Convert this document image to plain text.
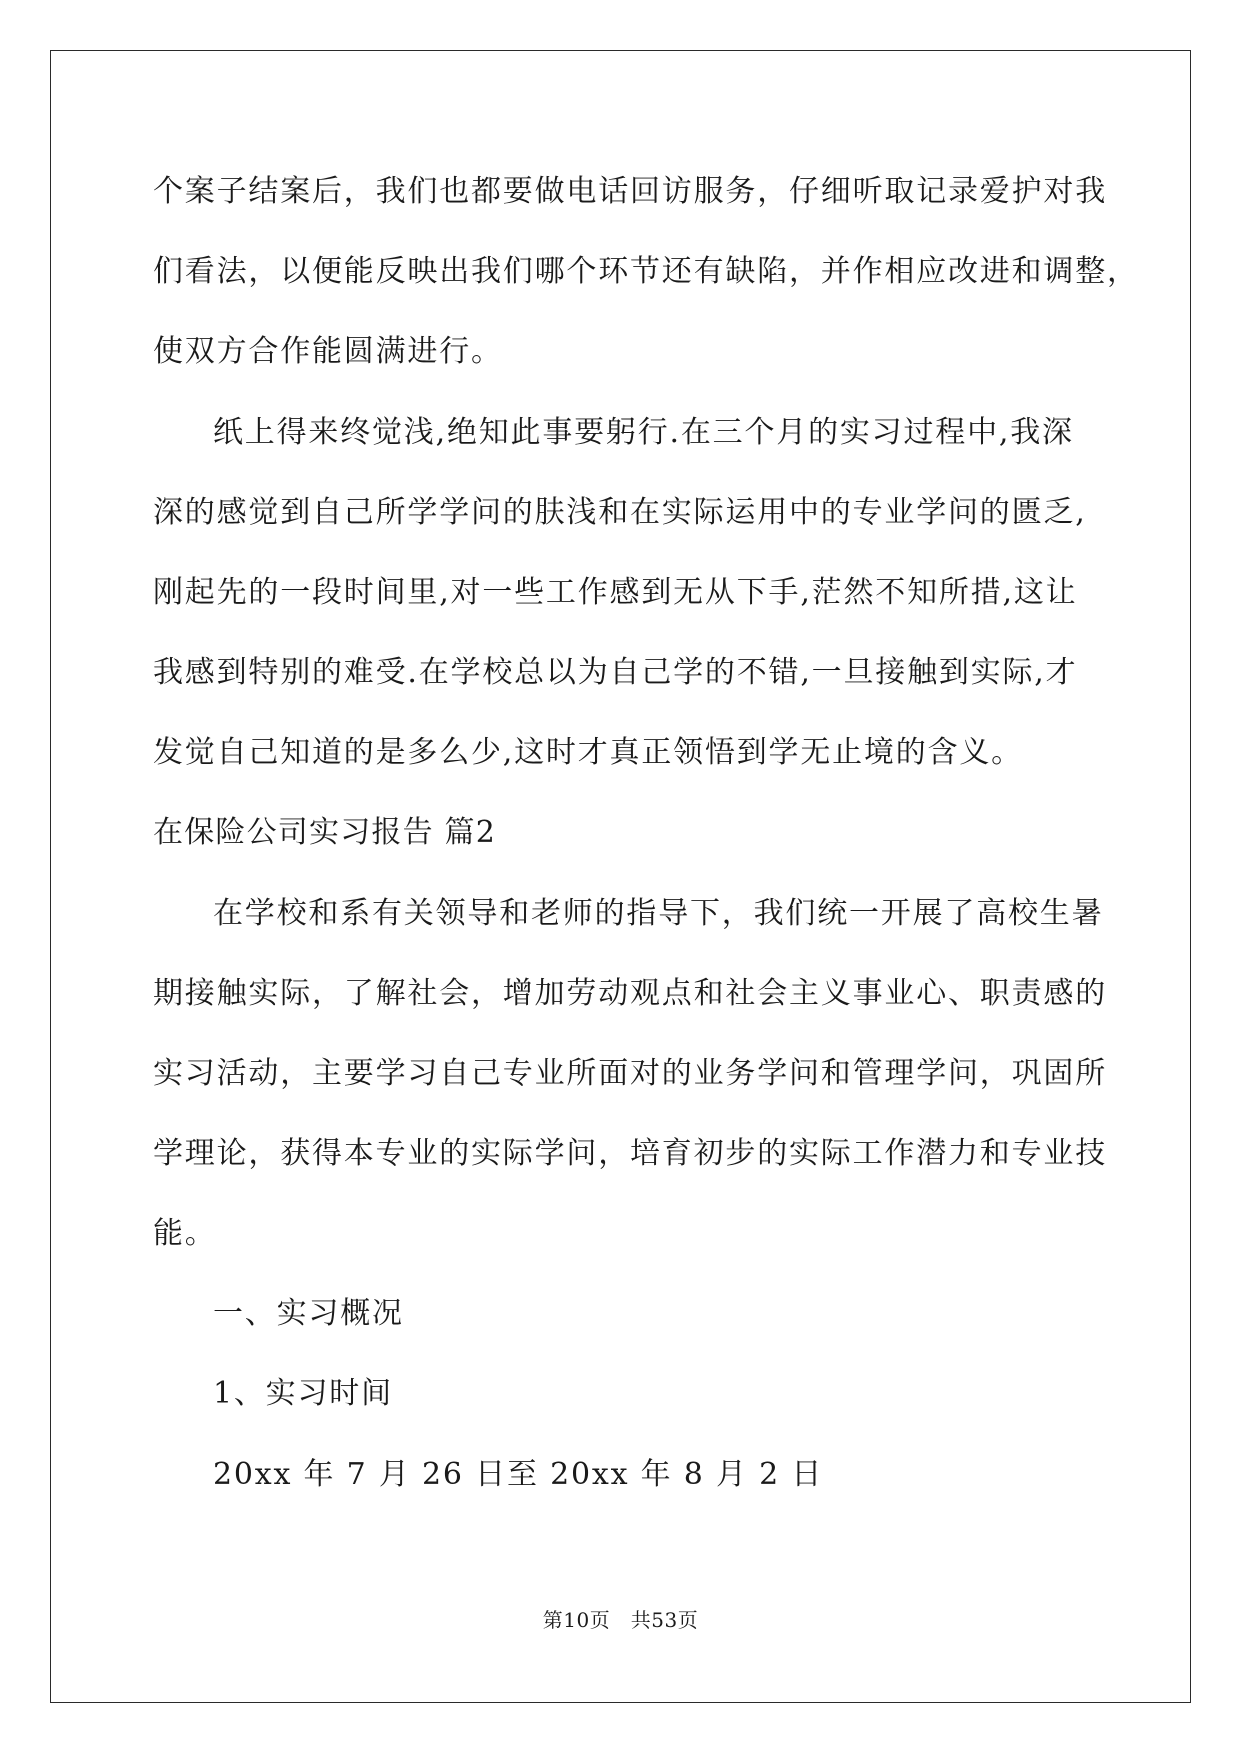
个案子结案后，我们也都要做电话回访服务，仔细听取记录爱护对我
们看法，以便能反映出我们哪个环节还有缺陷，并作相应改进和调整，
使双方合作能圆满进行。
纸上得来终觉浅,绝知此事要躬行.在三个月的实习过程中,我深
深的感觉到自己所学学问的肤浅和在实际运用中的专业学问的匮乏,
刚起先的一段时间里,对一些工作感到无从下手,茫然不知所措,这让
我感到特别的难受.在学校总以为自己学的不错,一旦接触到实际,才
发觉自己知道的是多么少,这时才真正领悟到学无止境的含义。
在保险公司实习报告 篇2
在学校和系有关领导和老师的指导下，我们统一开展了高校生暑
期接触实际，了解社会，增加劳动观点和社会主义事业心、职责感的
实习活动，主要学习自己专业所面对的业务学问和管理学问，巩固所
学理论，获得本专业的实际学问，培育初步的实际工作潜力和专业技
能。
一、实习概况
1、实习时间
20xx 年 7 月 26 日至 20xx 年 8 月 2 日
第10页　共53页
